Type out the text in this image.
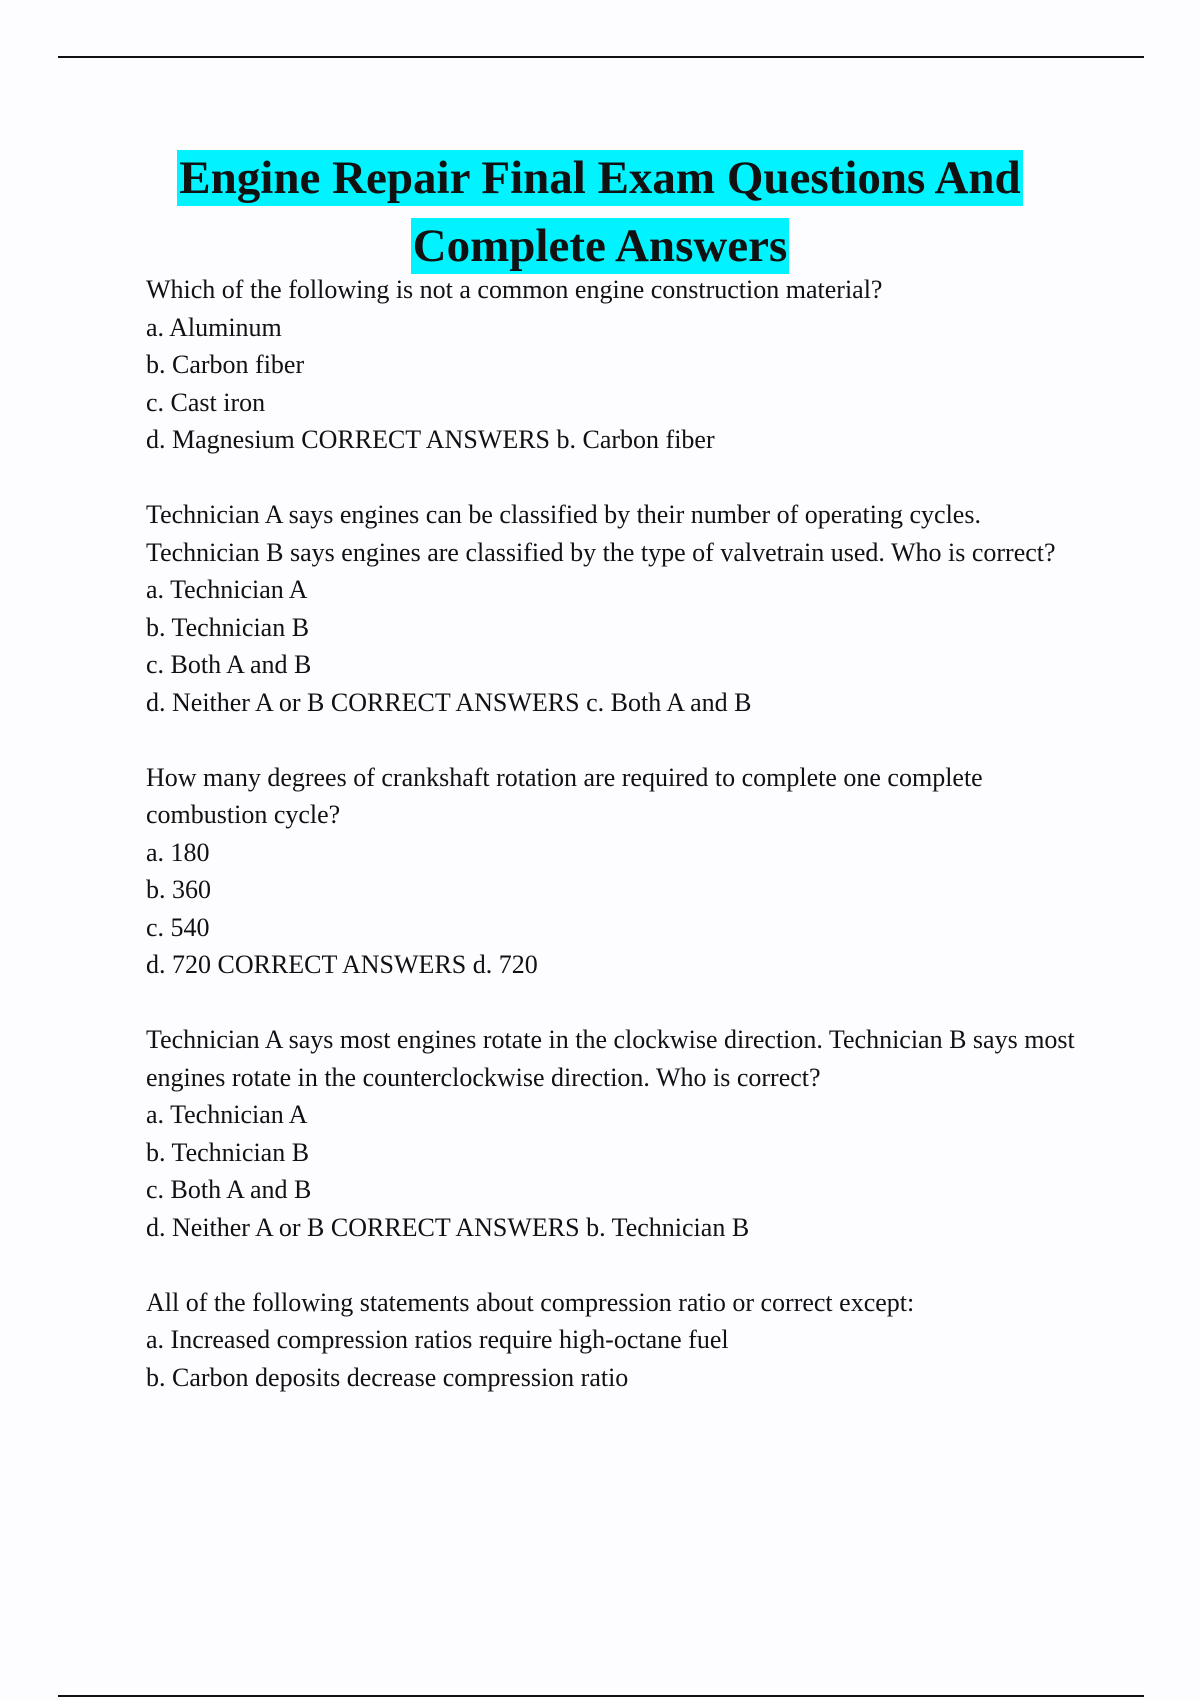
Engine Repair Final Exam Questions And
Complete Answers
Which of the following is not a common engine construction material?
a. Aluminum
b. Carbon fiber
c. Cast iron
d. Magnesium CORRECT ANSWERS b. Carbon fiber
Technician A says engines can be classified by their number of operating cycles. Technician B says engines are classified by the type of valvetrain used. Who is correct?
a. Technician A
b. Technician B
c. Both A and B
d. Neither A or B CORRECT ANSWERS c. Both A and B
How many degrees of crankshaft rotation are required to complete one complete combustion cycle?
a. 180
b. 360
c. 540
d. 720 CORRECT ANSWERS d. 720
Technician A says most engines rotate in the clockwise direction. Technician B says most engines rotate in the counterclockwise direction. Who is correct?
a. Technician A
b. Technician B
c. Both A and B
d. Neither A or B CORRECT ANSWERS b. Technician B
All of the following statements about compression ratio or correct except:
a. Increased compression ratios require high-octane fuel
b. Carbon deposits decrease compression ratio
